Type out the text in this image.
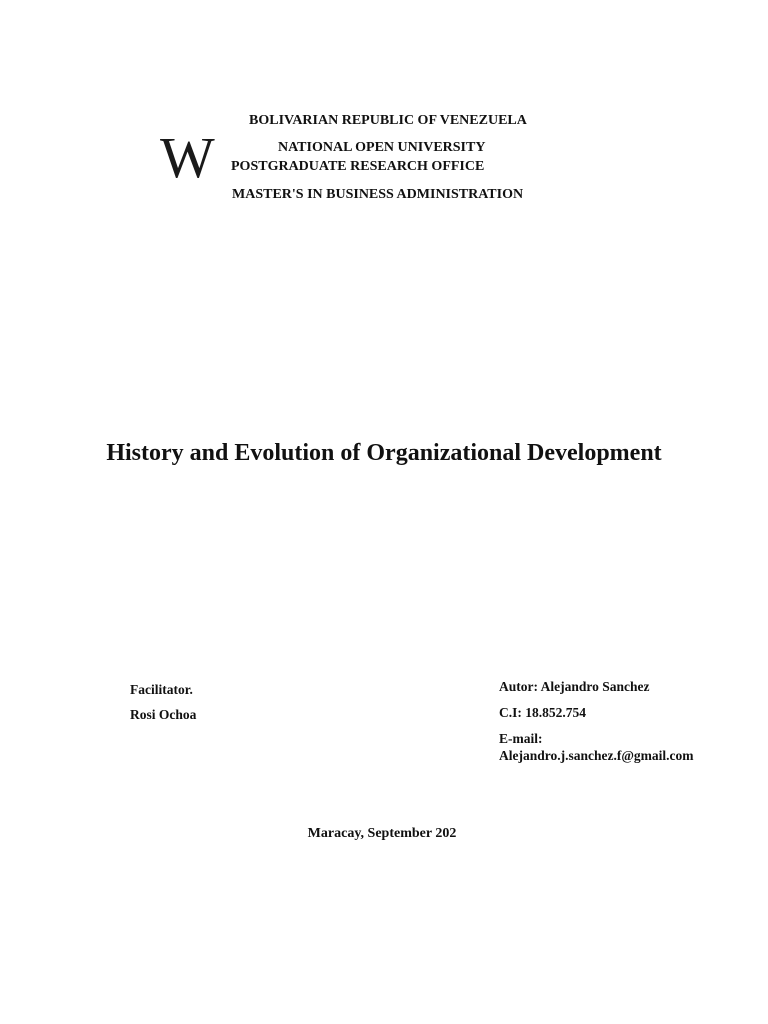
W
BOLIVARIAN REPUBLIC OF VENEZUELA
NATIONAL OPEN UNIVERSITY
POSTGRADUATE RESEARCH OFFICE
MASTER'S IN BUSINESS ADMINISTRATION
History and Evolution of Organizational Development
Facilitator.
Rosi Ochoa
Autor: Alejandro Sanchez
C.I: 18.852.754
E-mail:
Alejandro.j.sanchez.f@gmail.com
Maracay, September 202
